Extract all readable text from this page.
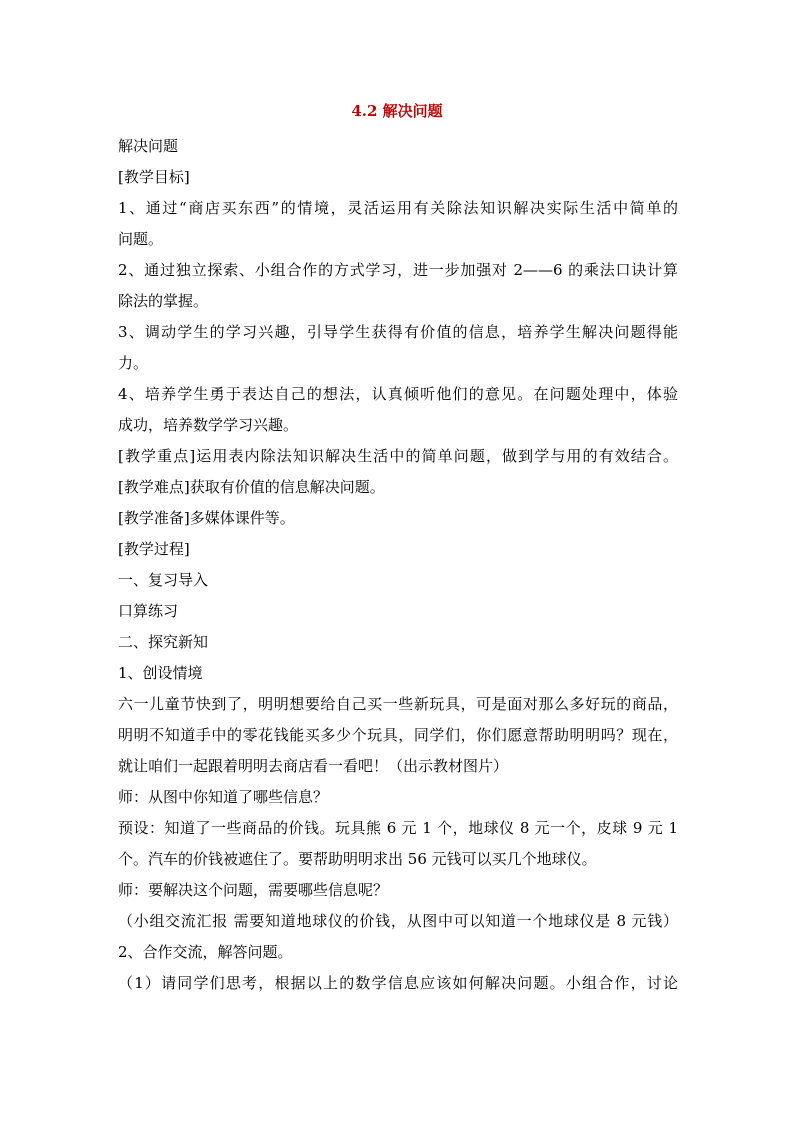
4.2 解决问题
解决问题
[教学目标]
1、通过“商店买东西”的情境，灵活运用有关除法知识解决实际生活中简单的
问题。
2、通过独立探索、小组合作的方式学习，进一步加强对 2——6 的乘法口诀计算
除法的掌握。
3、调动学生的学习兴趣，引导学生获得有价值的信息，培养学生解决问题得能
力。
4、培养学生勇于表达自己的想法，认真倾听他们的意见。在问题处理中，体验
成功，培养数学学习兴趣。
[教学重点]运用表内除法知识解决生活中的简单问题，做到学与用的有效结合。
[教学难点]获取有价值的信息解决问题。
[教学准备]多媒体课件等。
[教学过程]
一、复习导入
口算练习
二、探究新知
1、创设情境
六一儿童节快到了，明明想要给自己买一些新玩具，可是面对那么多好玩的商品，
明明不知道手中的零花钱能买多少个玩具，同学们，你们愿意帮助明明吗？现在，
就让咱们一起跟着明明去商店看一看吧！（出示教材图片）
师：从图中你知道了哪些信息？
预设：知道了一些商品的价钱。玩具熊 6 元 1 个，地球仪 8 元一个，皮球 9 元 1
个。汽车的价钱被遮住了。要帮助明明求出 56 元钱可以买几个地球仪。
师：要解决这个问题，需要哪些信息呢？
（小组交流汇报 需要知道地球仪的价钱，从图中可以知道一个地球仪是 8 元钱）
2、合作交流，解答问题。
（1）请同学们思考，根据以上的数学信息应该如何解决问题。小组合作，讨论
